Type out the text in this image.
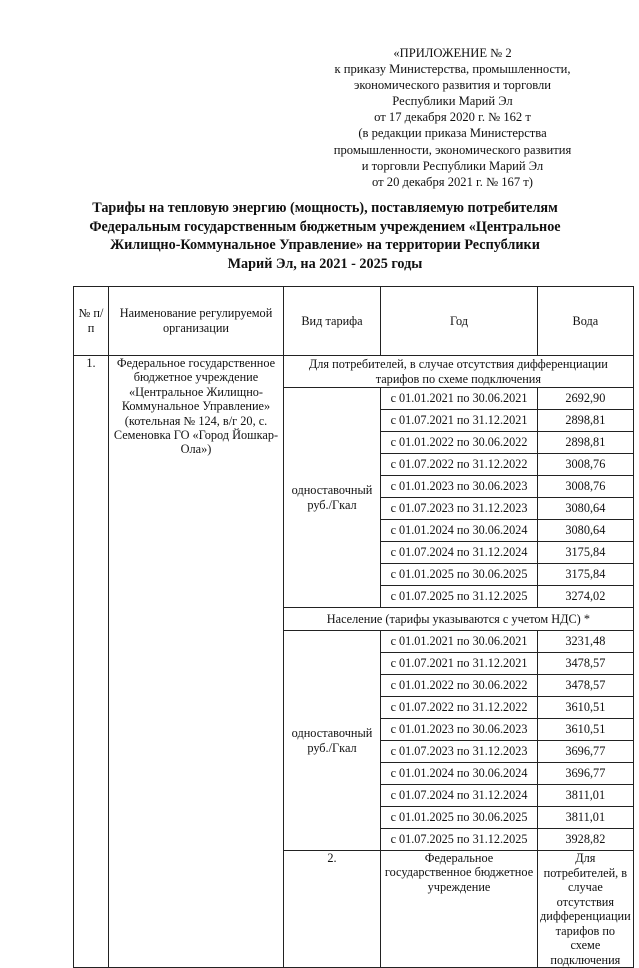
«ПРИЛОЖЕНИЕ № 2
к приказу Министерства, промышленности,
экономического развития и торговли
Республики Марий Эл
от 17 декабря 2020 г. № 162 т
(в редакции приказа Министерства
промышленности, экономического развития
и торговли Республики Марий Эл
от 20 декабря 2021 г. № 167 т)
Тарифы на тепловую энергию (мощность), поставляемую потребителям
Федеральным государственным бюджетным учреждением «Центральное
Жилищно-Коммунальное Управление» на территории Республики
Марий Эл, на 2021 - 2025 годы
№ п/п	Наименование регулируемой организации	Вид тарифа	Год	Вода
1.	Федеральное государственное бюджетное учреждение «Центральное Жилищно-Коммунальное Управление» (котельная № 124, в/г 20, с. Семеновка ГО «Город Йошкар-Ола»)	Для потребителей, в случае отсутствия дифференциации тарифов по схеме подключения		
		одноставочный руб./Гкал	с 01.01.2021 по 30.06.2021	2692,90
			с 01.07.2021 по 31.12.2021	2898,81
			с 01.01.2022 по 30.06.2022	2898,81
			с 01.07.2022 по 31.12.2022	3008,76
			с 01.01.2023 по 30.06.2023	3008,76
			с 01.07.2023 по 31.12.2023	3080,64
			с 01.01.2024 по 30.06.2024	3080,64
			с 01.07.2024 по 31.12.2024	3175,84
			с 01.01.2025 по 30.06.2025	3175,84
			с 01.07.2025 по 31.12.2025	3274,02
		Население (тарифы указываются с учетом НДС) *		
		одноставочный руб./Гкал	с 01.01.2021 по 30.06.2021	3231,48
			с 01.07.2021 по 31.12.2021	3478,57
			с 01.01.2022 по 30.06.2022	3478,57
			с 01.07.2022 по 31.12.2022	3610,51
			с 01.01.2023 по 30.06.2023	3610,51
			с 01.07.2023 по 31.12.2023	3696,77
			с 01.01.2024 по 30.06.2024	3696,77
			с 01.07.2024 по 31.12.2024	3811,01
			с 01.01.2025 по 30.06.2025	3811,01
			с 01.07.2025 по 31.12.2025	3928,82
		2.	Федеральное государственное бюджетное учреждение	Для потребителей, в случае отсутствия дифференциации тарифов по схеме подключения
